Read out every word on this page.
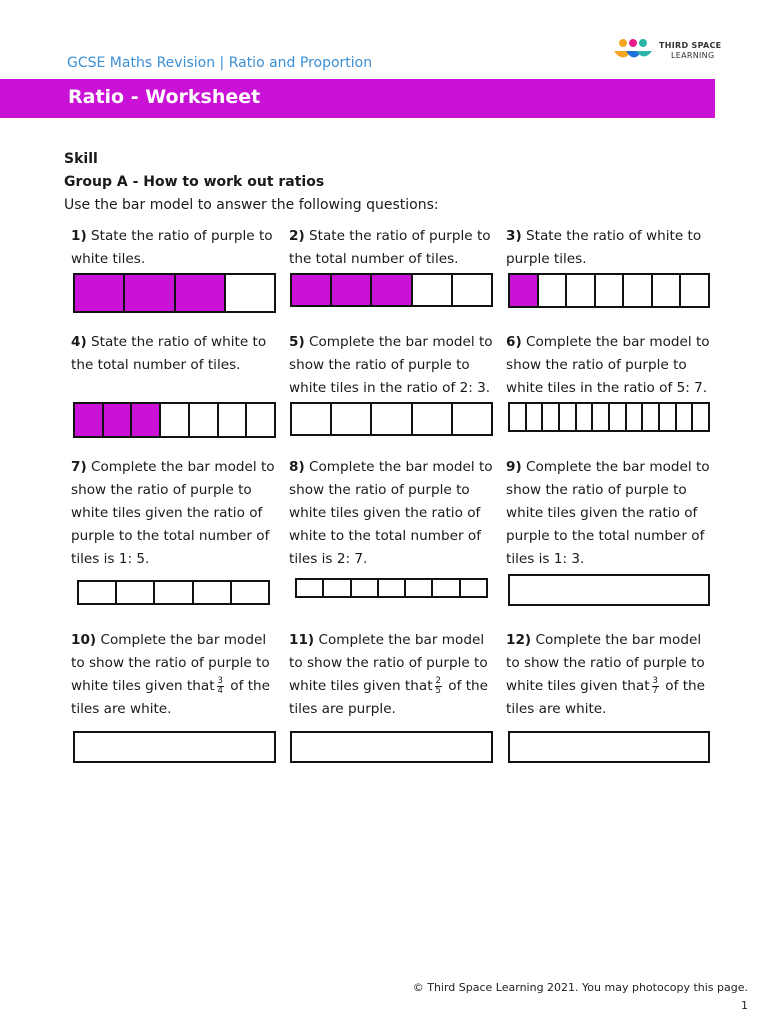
GCSE Maths Revision | Ratio and Proportion
THIRD SPACE
LEARNING
Ratio - Worksheet
Skill
Group A - How to work out ratios
Use the bar model to answer the following questions:
1) State the ratio of purple to white tiles.
2) State the ratio of purple to the total number of tiles.
3) State the ratio of white to purple tiles.
4) State the ratio of white to the total number of tiles.
5) Complete the bar model to show the ratio of purple to white tiles in the ratio of 2: 3.
6) Complete the bar model to show the ratio of purple to white tiles in the ratio of 5: 7.
7) Complete the bar model to show the ratio of purple to white tiles given the ratio of purple to the total number of tiles is 1: 5.
8) Complete the bar model to show the ratio of purple to white tiles given the ratio of white to the total number of tiles is 2: 7.
9) Complete the bar model to show the ratio of purple to white tiles given the ratio of purple to the total number of tiles is 1: 3.
10) Complete the bar model to show the ratio of purple to white tiles given that $\frac{3}{4}$ of the tiles are white.
11) Complete the bar model to show the ratio of purple to white tiles given that $\frac{2}{5}$ of the tiles are purple.
12) Complete the bar model to show the ratio of purple to white tiles given that $\frac{3}{7}$ of the tiles are white.
© Third Space Learning 2021. You may photocopy this page.
1
